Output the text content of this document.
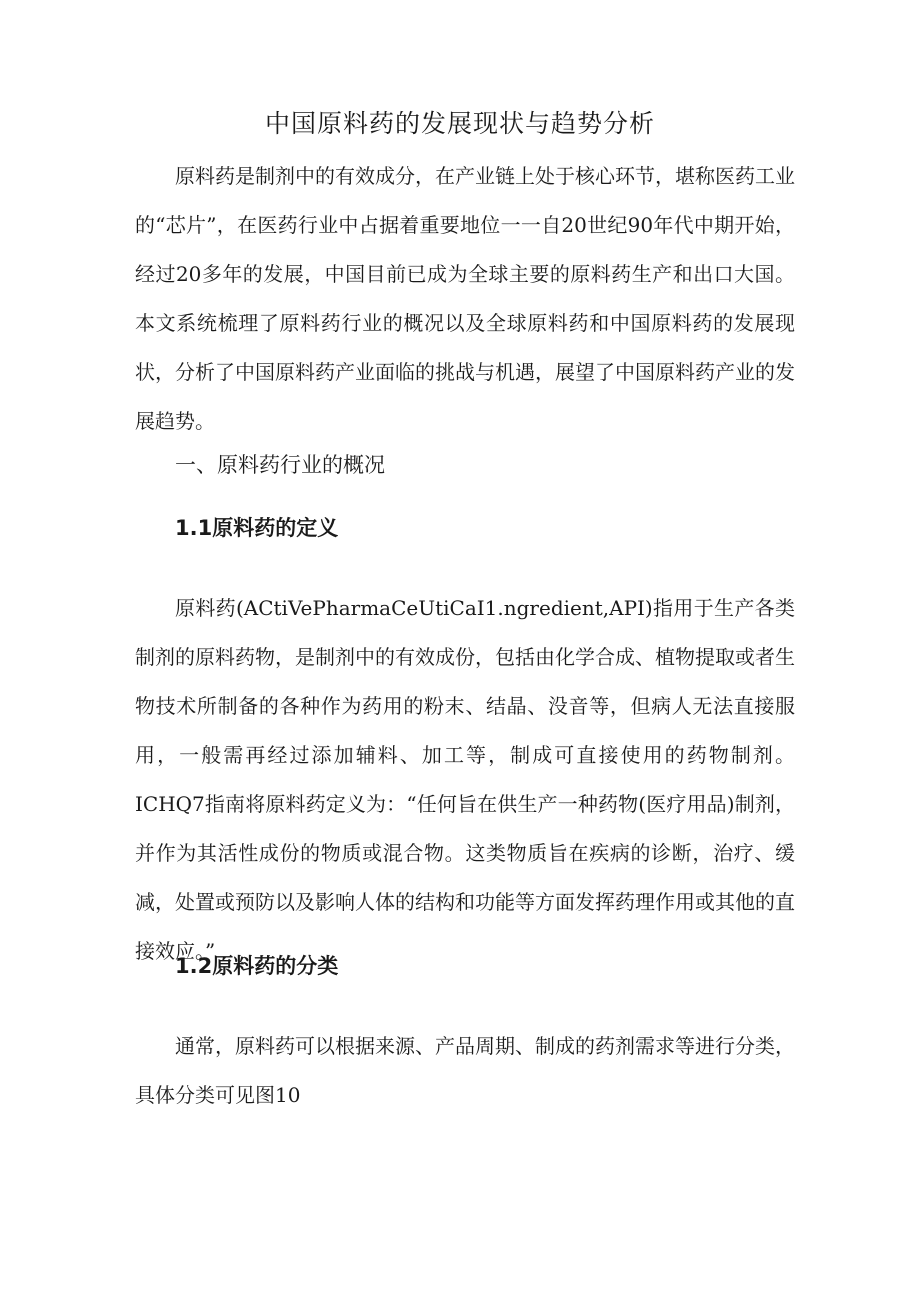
中国原料药的发展现状与趋势分析

原料药是制剂中的有效成分，在产业链上处于核心环节，堪称医药工业的“芯片”，在医药行业中占据着重要地位一一自20世纪90年代中期开始，经过20多年的发展，中国目前已成为全球主要的原料药生产和出口大国。本文系统梳理了原料药行业的概况以及全球原料药和中国原料药的发展现状，分析了中国原料药产业面临的挑战与机遇，展望了中国原料药产业的发展趋势。

一、原料药行业的概况
1.1原料药的定义

原料药(ACtiVePharmaCeUtiCaI1.ngredient,API)指用于生产各类制剂的原料药物，是制剂中的有效成份，包括由化学合成、植物提取或者生物技术所制备的各种作为药用的粉末、结晶、没音等，但病人无法直接服用，一般需再经过添加辅料、加工等，制成可直接使用的药物制剂。ICHQ7指南将原料药定义为：“任何旨在供生产一种药物(医疗用品)制剂，并作为其活性成份的物质或混合物。这类物质旨在疾病的诊断，治疗、缓减，处置或预防以及影响人体的结构和功能等方面发挥药理作用或其他的直接效应。”

1.2原料药的分类

通常，原料药可以根据来源、产品周期、制成的药剂需求等进行分类，具体分类可见图10
